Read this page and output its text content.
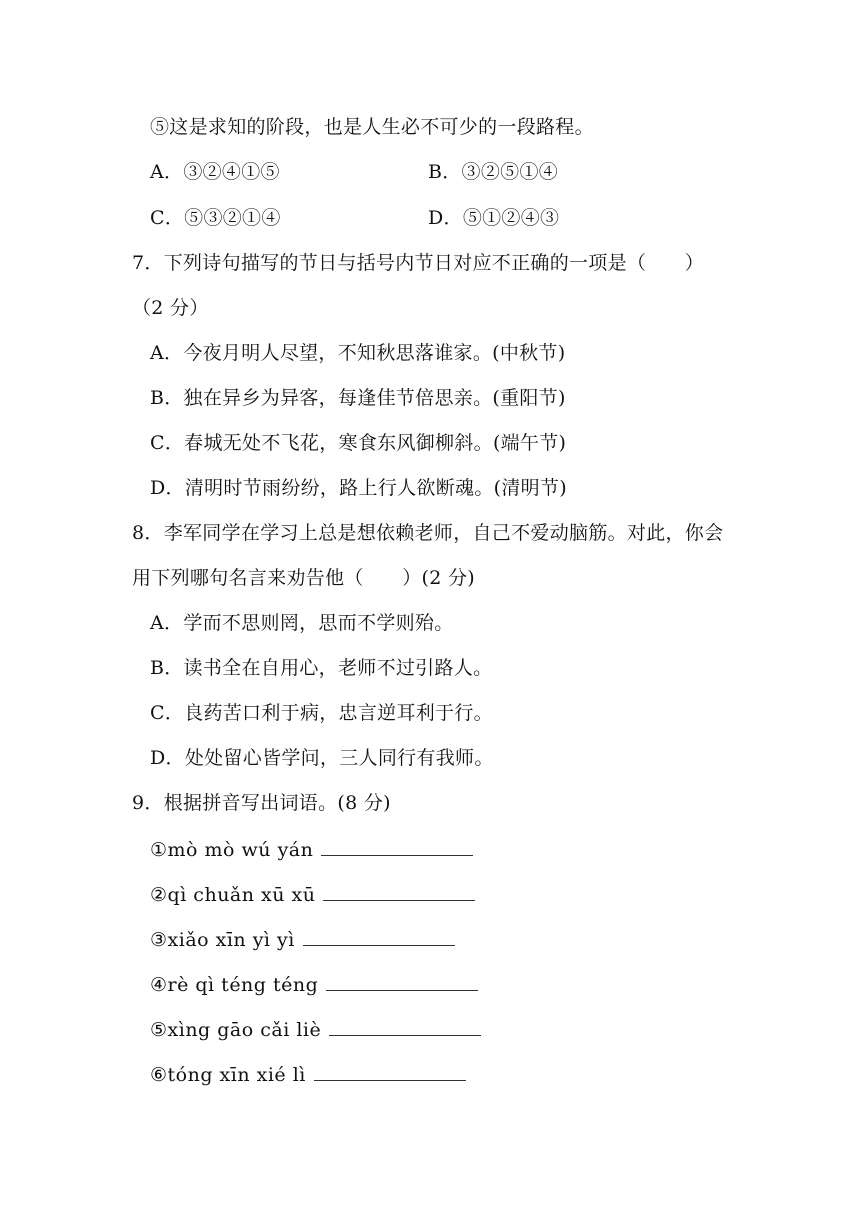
⑤这是求知的阶段，也是人生必不可少的一段路程。
A．③②④①⑤	B．③②⑤①④
C．⑤③②①④	D．⑤①②④③
7．下列诗句描写的节日与括号内节日对应不正确的一项是（　　）
（2 分）
A．今夜月明人尽望，不知秋思落谁家。(中秋节)
B．独在异乡为异客，每逢佳节倍思亲。(重阳节)
C．春城无处不飞花，寒食东风御柳斜。(端午节)
D．清明时节雨纷纷，路上行人欲断魂。(清明节)
8．李军同学在学习上总是想依赖老师，自己不爱动脑筋。对此，你会
用下列哪句名言来劝告他（　　）(2 分)
A．学而不思则罔，思而不学则殆。
B．读书全在自用心，老师不过引路人。
C．良药苦口利于病，忠言逆耳利于行。
D．处处留心皆学问，三人同行有我师。
9．根据拼音写出词语。(8 分)
①mò mò wú yán
②qì chuǎn xū xū
③xiǎo xīn yì yì
④rè qì téng téng
⑤xìng gāo cǎi liè
⑥tóng xīn xié lì
